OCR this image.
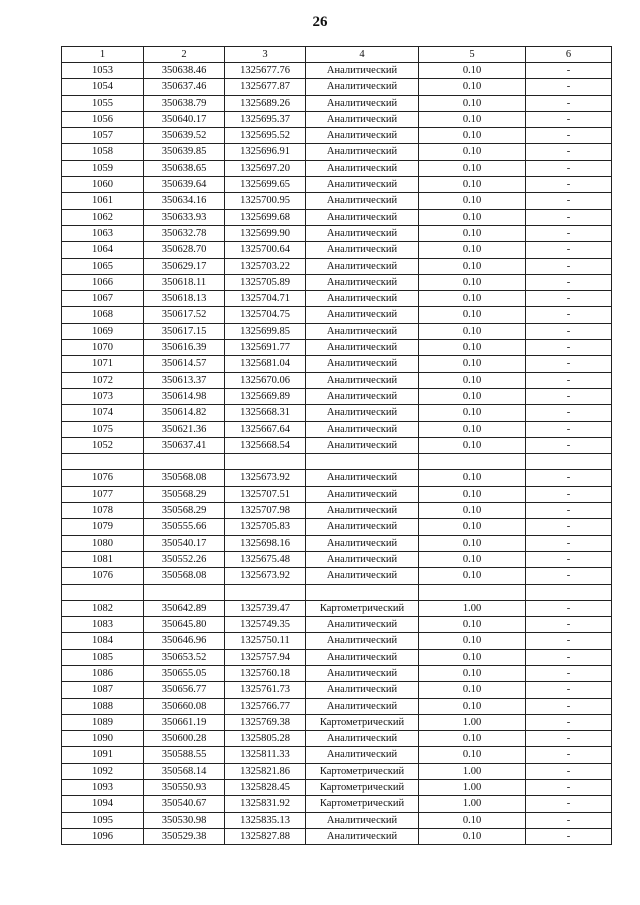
26
1	2	3	4	5	6
1053	350638.46	1325677.76	Аналитический	0.10	-
1054	350637.46	1325677.87	Аналитический	0.10	-
1055	350638.79	1325689.26	Аналитический	0.10	-
1056	350640.17	1325695.37	Аналитический	0.10	-
1057	350639.52	1325695.52	Аналитический	0.10	-
1058	350639.85	1325696.91	Аналитический	0.10	-
1059	350638.65	1325697.20	Аналитический	0.10	-
1060	350639.64	1325699.65	Аналитический	0.10	-
1061	350634.16	1325700.95	Аналитический	0.10	-
1062	350633.93	1325699.68	Аналитический	0.10	-
1063	350632.78	1325699.90	Аналитический	0.10	-
1064	350628.70	1325700.64	Аналитический	0.10	-
1065	350629.17	1325703.22	Аналитический	0.10	-
1066	350618.11	1325705.89	Аналитический	0.10	-
1067	350618.13	1325704.71	Аналитический	0.10	-
1068	350617.52	1325704.75	Аналитический	0.10	-
1069	350617.15	1325699.85	Аналитический	0.10	-
1070	350616.39	1325691.77	Аналитический	0.10	-
1071	350614.57	1325681.04	Аналитический	0.10	-
1072	350613.37	1325670.06	Аналитический	0.10	-
1073	350614.98	1325669.89	Аналитический	0.10	-
1074	350614.82	1325668.31	Аналитический	0.10	-
1075	350621.36	1325667.64	Аналитический	0.10	-
1052	350637.41	1325668.54	Аналитический	0.10	-

1076	350568.08	1325673.92	Аналитический	0.10	-
1077	350568.29	1325707.51	Аналитический	0.10	-
1078	350568.29	1325707.98	Аналитический	0.10	-
1079	350555.66	1325705.83	Аналитический	0.10	-
1080	350540.17	1325698.16	Аналитический	0.10	-
1081	350552.26	1325675.48	Аналитический	0.10	-
1076	350568.08	1325673.92	Аналитический	0.10	-

1082	350642.89	1325739.47	Картометрический	1.00	-
1083	350645.80	1325749.35	Аналитический	0.10	-
1084	350646.96	1325750.11	Аналитический	0.10	-
1085	350653.52	1325757.94	Аналитический	0.10	-
1086	350655.05	1325760.18	Аналитический	0.10	-
1087	350656.77	1325761.73	Аналитический	0.10	-
1088	350660.08	1325766.77	Аналитический	0.10	-
1089	350661.19	1325769.38	Картометрический	1.00	-
1090	350600.28	1325805.28	Аналитический	0.10	-
1091	350588.55	1325811.33	Аналитический	0.10	-
1092	350568.14	1325821.86	Картометрический	1.00	-
1093	350550.93	1325828.45	Картометрический	1.00	-
1094	350540.67	1325831.92	Картометрический	1.00	-
1095	350530.98	1325835.13	Аналитический	0.10	-
1096	350529.38	1325827.88	Аналитический	0.10	-
